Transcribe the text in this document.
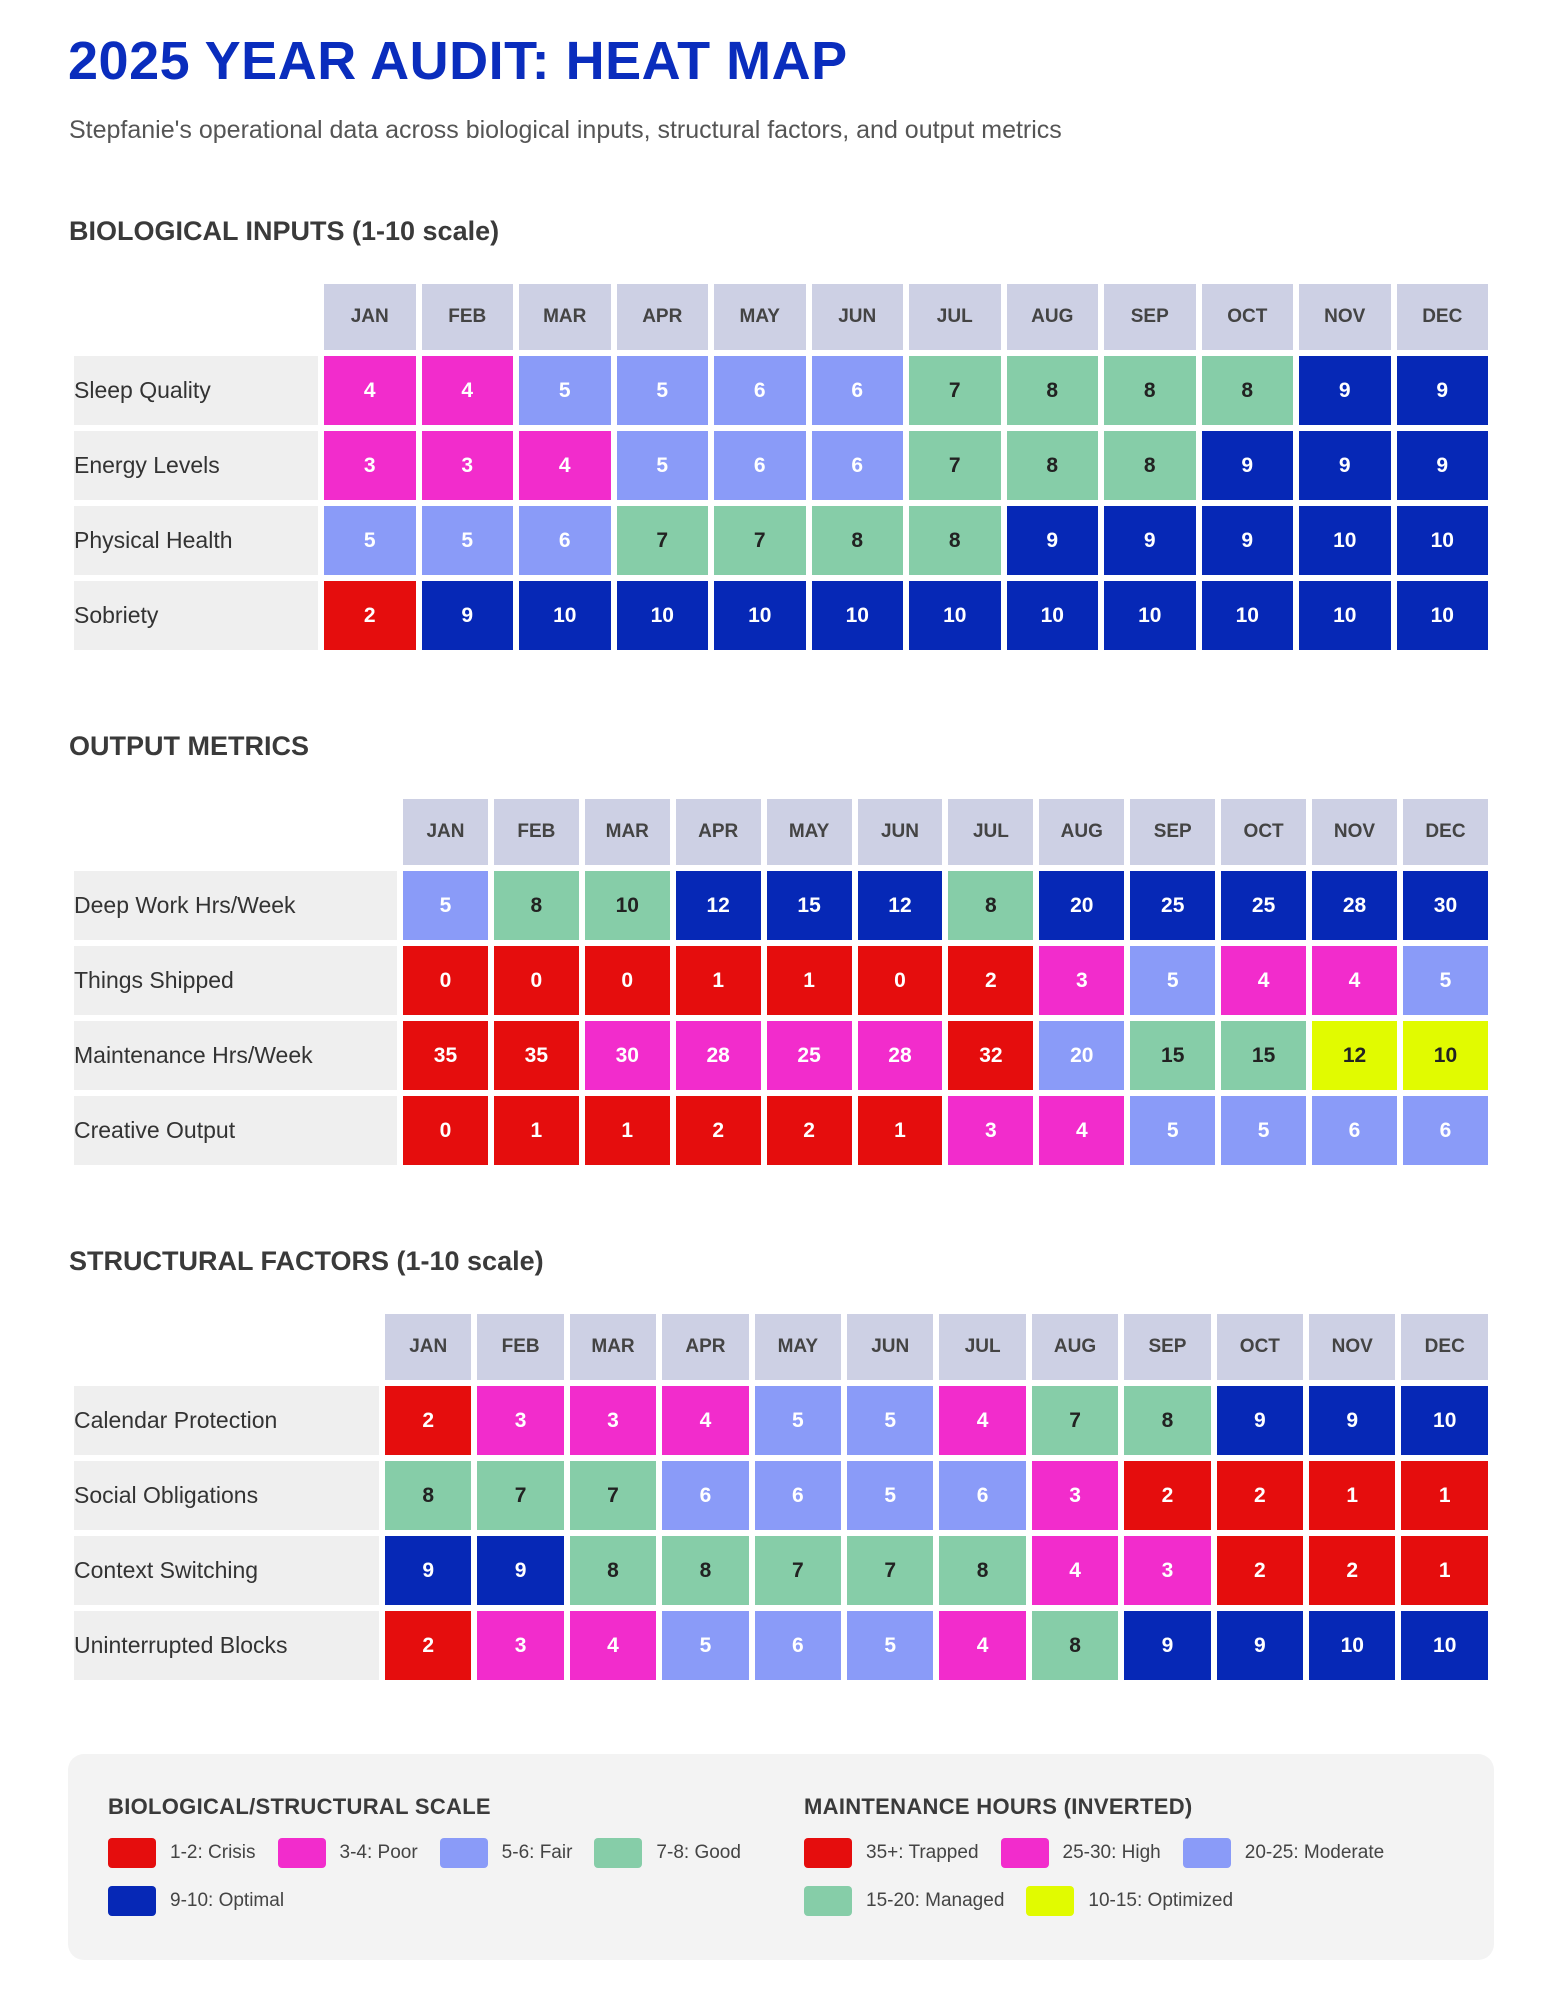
2025 YEAR AUDIT: HEAT MAP

Stepfanie's operational data across biological inputs, structural factors, and output metrics

BIOLOGICAL INPUTS (1-10 scale)
	JAN	FEB	MAR	APR	MAY	JUN	JUL	AUG	SEP	OCT	NOV	DEC
Sleep Quality	4	4	5	5	6	6	7	8	8	8	9	9
Energy Levels	3	3	4	5	6	6	7	8	8	9	9	9
Physical Health	5	5	6	7	7	8	8	9	9	9	10	10
Sobriety	2	9	10	10	10	10	10	10	10	10	10	10
OUTPUT METRICS
	JAN	FEB	MAR	APR	MAY	JUN	JUL	AUG	SEP	OCT	NOV	DEC
Deep Work Hrs/Week	5	8	10	12	15	12	8	20	25	25	28	30
Things Shipped	0	0	0	1	1	0	2	3	5	4	4	5
Maintenance Hrs/Week	35	35	30	28	25	28	32	20	15	15	12	10
Creative Output	0	1	1	2	2	1	3	4	5	5	6	6
STRUCTURAL FACTORS (1-10 scale)
	JAN	FEB	MAR	APR	MAY	JUN	JUL	AUG	SEP	OCT	NOV	DEC
Calendar Protection	2	3	3	4	5	5	4	7	8	9	9	10
Social Obligations	8	7	7	6	6	5	6	3	2	2	1	1
Context Switching	9	9	8	8	7	7	8	4	3	2	2	1
Uninterrupted Blocks	2	3	4	5	6	5	4	8	9	9	10	10
BIOLOGICAL/STRUCTURAL SCALE
1-2: Crisis	3-4: Poor	5-6: Fair	7-8: Good
9-10: Optimal
MAINTENANCE HOURS (INVERTED)
35+: Trapped	25-30: High	20-25: Moderate
15-20: Managed	10-15: Optimized
